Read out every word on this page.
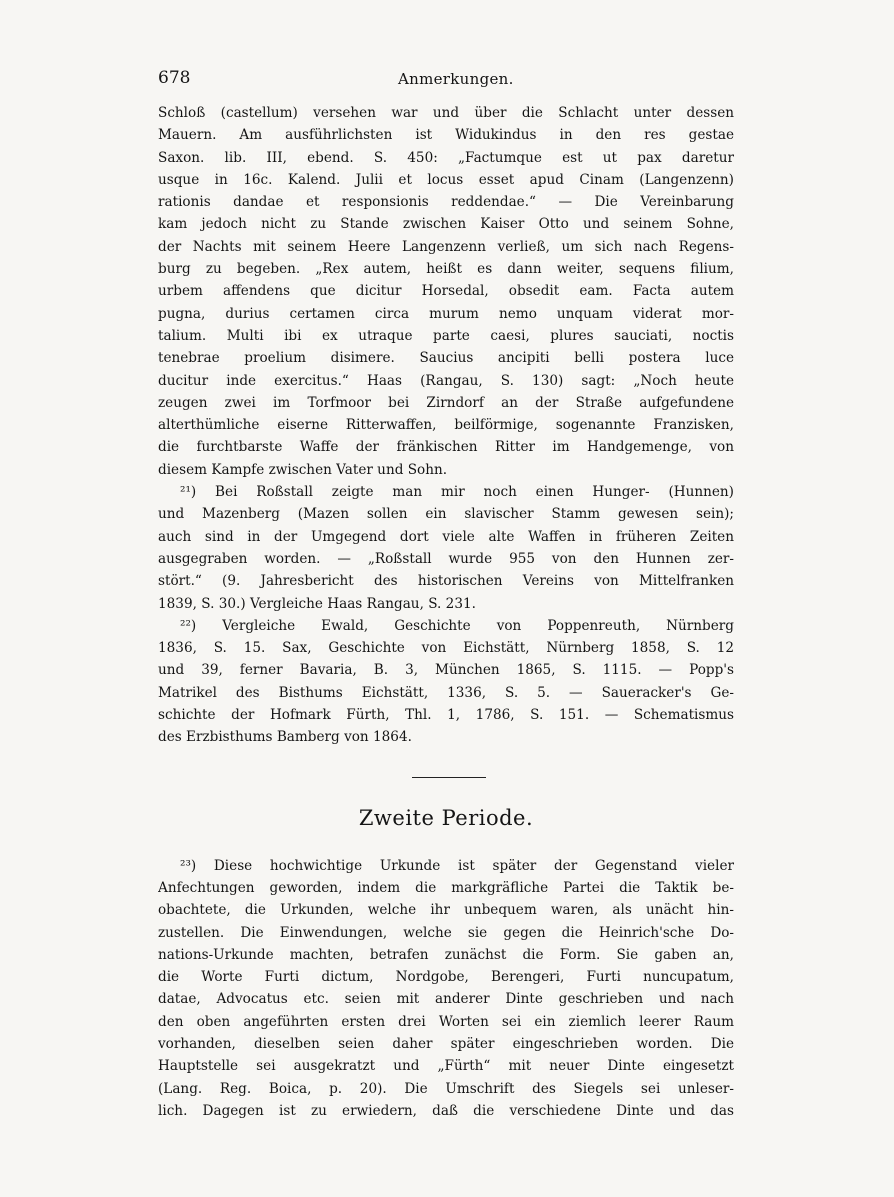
678	Anmerkungen.
Schloß (castellum) versehen war und über die Schlacht unter dessen
Mauern. Am ausführlichsten ist Widukindus in den res gestae
Saxon. lib. III, ebend. S. 450: „Factumque est ut pax daretur
usque in 16c. Kalend. Julii et locus esset apud Cinam (Langenzenn)
rationis dandae et responsionis reddendae.“ — Die Vereinbarung
kam jedoch nicht zu Stande zwischen Kaiser Otto und seinem Sohne,
der Nachts mit seinem Heere Langenzenn verließ, um sich nach Regens-
burg zu begeben. „Rex autem, heißt es dann weiter, sequens filium,
urbem affendens que dicitur Horsedal, obsedit eam. Facta autem
pugna, durius certamen circa murum nemo unquam viderat mor-
talium. Multi ibi ex utraque parte caesi, plures sauciati, noctis
tenebrae proelium disimere. Saucius ancipiti belli postera luce
ducitur inde exercitus.“ Haas (Rangau, S. 130) sagt: „Noch heute
zeugen zwei im Torfmoor bei Zirndorf an der Straße aufgefundene
alterthümliche eiserne Ritterwaffen, beilförmige, sogenannte Franzisken,
die furchtbarste Waffe der fränkischen Ritter im Handgemenge, von
diesem Kampfe zwischen Vater und Sohn.
²¹) Bei Roßstall zeigte man mir noch einen Hunger- (Hunnen)
und Mazenberg (Mazen sollen ein slavischer Stamm gewesen sein);
auch sind in der Umgegend dort viele alte Waffen in früheren Zeiten
ausgegraben worden. — „Roßstall wurde 955 von den Hunnen zer-
stört.“ (9. Jahresbericht des historischen Vereins von Mittelfranken
1839, S. 30.) Vergleiche Haas Rangau, S. 231.
²²) Vergleiche Ewald, Geschichte von Poppenreuth, Nürnberg
1836, S. 15. Sax, Geschichte von Eichstätt, Nürnberg 1858, S. 12
und 39, ferner Bavaria, B. 3, München 1865, S. 1115. — Popp's
Matrikel des Bisthums Eichstätt, 1336, S. 5. — Saueracker's Ge-
schichte der Hofmark Fürth, Thl. 1, 1786, S. 151. — Schematismus
des Erzbisthums Bamberg von 1864.
Zweite Periode.
²³) Diese hochwichtige Urkunde ist später der Gegenstand vieler
Anfechtungen geworden, indem die markgräfliche Partei die Taktik be-
obachtete, die Urkunden, welche ihr unbequem waren, als unächt hin-
zustellen. Die Einwendungen, welche sie gegen die Heinrich'sche Do-
nations-Urkunde machten, betrafen zunächst die Form. Sie gaben an,
die Worte Furti dictum, Nordgobe, Berengeri, Furti nuncupatum,
datae, Advocatus etc. seien mit anderer Dinte geschrieben und nach
den oben angeführten ersten drei Worten sei ein ziemlich leerer Raum
vorhanden, dieselben seien daher später eingeschrieben worden. Die
Hauptstelle sei ausgekratzt und „Fürth“ mit neuer Dinte eingesetzt
(Lang. Reg. Boica, p. 20). Die Umschrift des Siegels sei unleser-
lich. Dagegen ist zu erwiedern, daß die verschiedene Dinte und das
